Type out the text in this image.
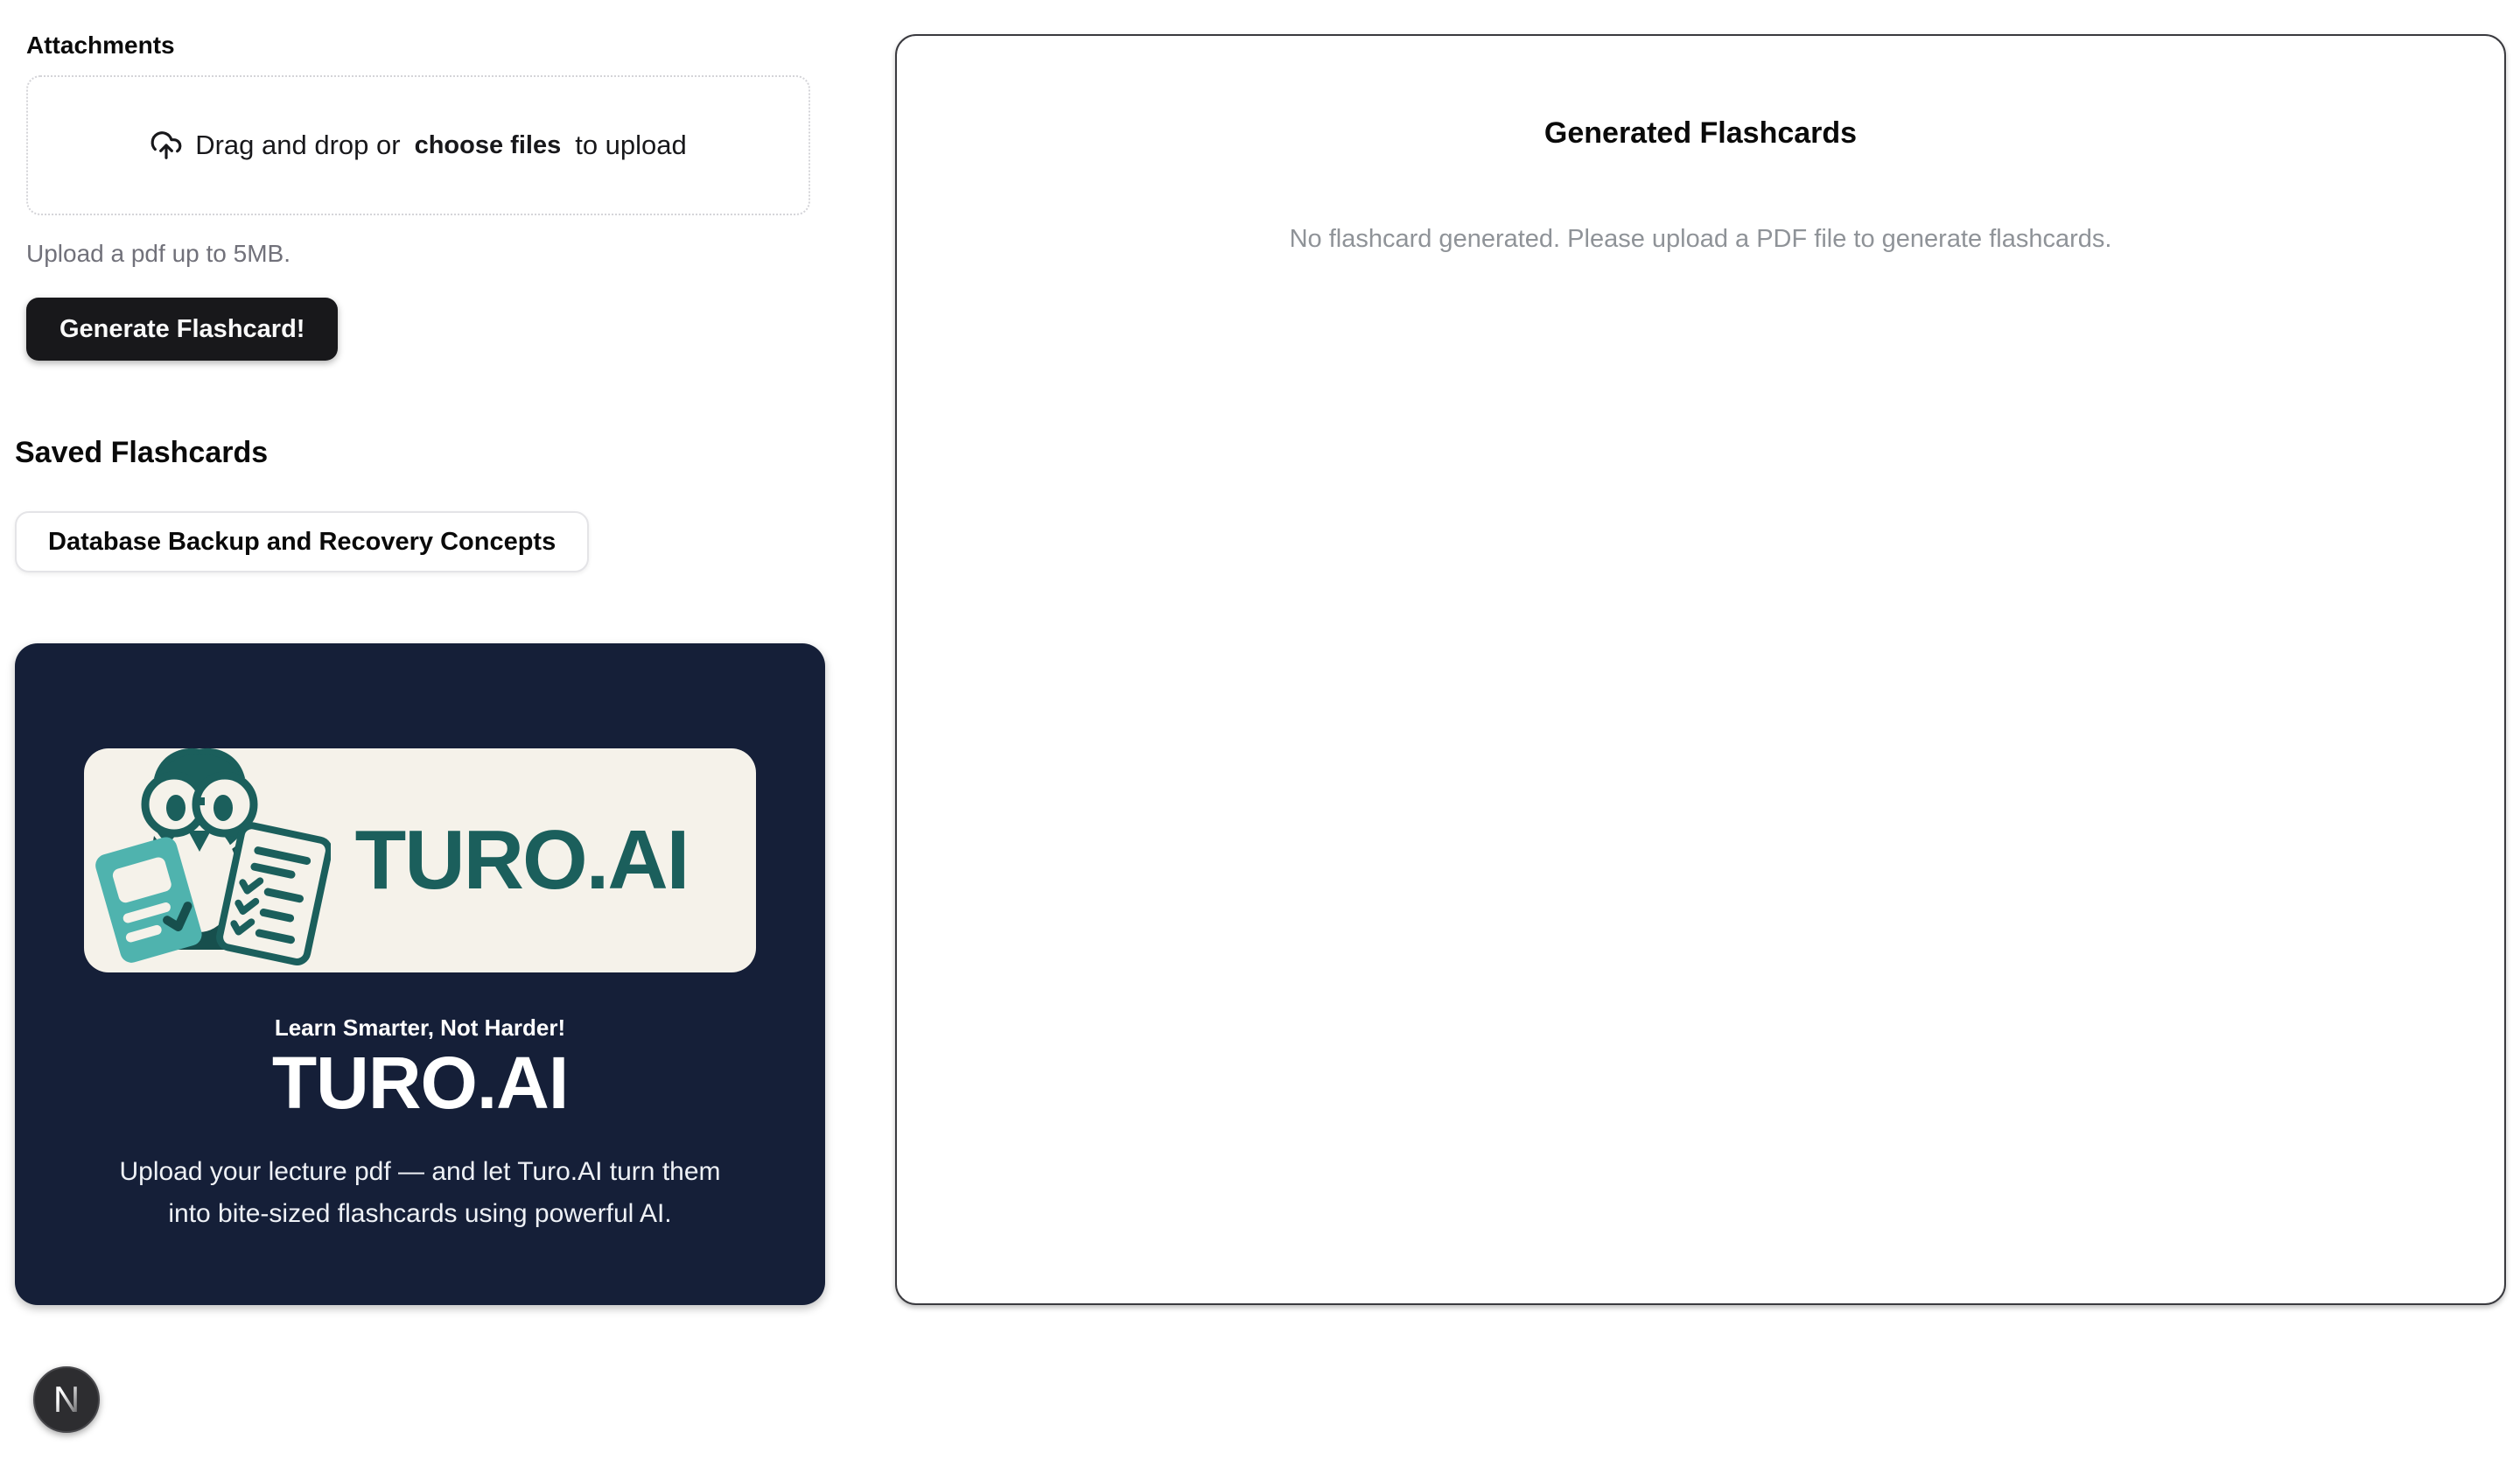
Attachments
Drag and drop or choose files to upload
Upload a pdf up to 5MB.
Generate Flashcard!
Saved Flashcards
Database Backup and Recovery Concepts
TURO.AI
Learn Smarter, Not Harder!
TURO.AI

Upload your lecture pdf — and let Turo.AI turn them
into bite-sized flashcards using powerful AI.

N
Generated Flashcards

No flashcard generated. Please upload a PDF file to generate flashcards.
